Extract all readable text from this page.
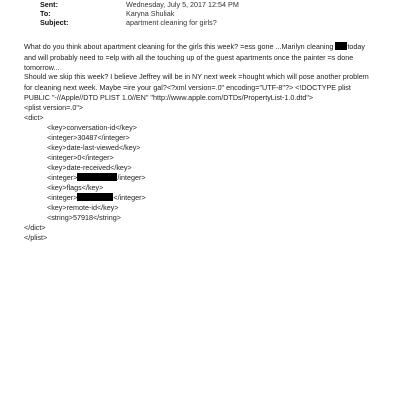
Sent:	Wednesday, July 5, 2017 12:54 PM
To:	Karyna Shuliak
Subject:	apartment cleaning for girls?

What do you think about apartment cleaning for the girls this week? =ess gone ...Marilyn cleaning today and will probably need to =elp with all the touching up of the guest apartments once the painter =s done tomorrow...

Should we skip this week? I believe Jeffrey will be in NY next week =hought which will pose another problem for cleaning next week. Maybe =ire your gal?<?xml version=.0" encoding="UTF-8"?> <!DOCTYPE plist PUBLIC "-//Apple//DTD PLIST 1.0//EN" "http://www.apple.com/DTDs/PropertyList-1.0.dtd">

<plist version=.0">
<dict>
<key>conversation-id</key>
<integer>30487</integer>
<key>date-last-viewed</key>
<integer>0</integer>
<key>date-received</key>
<integer>	/integer>
<key>flags</key>
<integer>	</integer>
<key>remote-id</key>
<string>57918</string>
</dict>
</plist>
